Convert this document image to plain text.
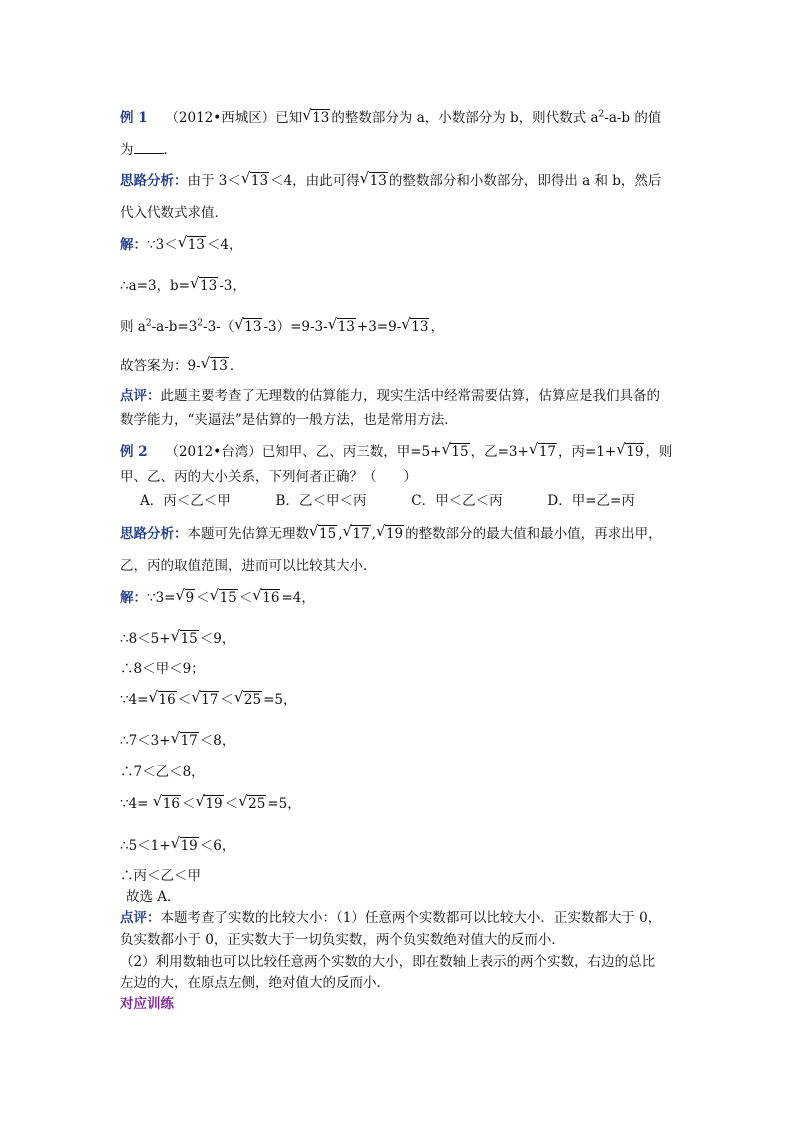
例 1　 （2012•西城区）已知√ 13 的整数部分为 a，小数部分为 b，则代数式 $a^2-a-b$ 的值
为 ．
思路分析：由于 3＜√ 13 ＜4，由此可得√ 13 的整数部分和小数部分，即得出 a 和 b，然后
代入代数式求值．
解：∵3＜√ 13 ＜4，
∴a=3，b=√ 13 -3，
则 $a^2-a-b=3^2-3-(√$ 13 -3）=9-3-√ 13 +3=9-√ 13 ，
故答案为：9-√ 13 ．
点评：此题主要考查了无理数的估算能力，现实生活中经常需要估算，估算应是我们具备的
数学能力，“夹逼法”是估算的一般方法，也是常用方法．
例 2　 （2012•台湾）已知甲、乙、丙三数，甲=5+√ 15 ，乙=3+√ 17 ，丙=1+√ 19 ，则
甲、乙、丙的大小关系，下列何者正确？（　　）
A．丙＜乙＜甲　　　	B．乙＜甲＜丙　　　	C．甲＜乙＜丙　　　	D．甲=乙=丙
思路分析：本题可先估算无理数√ 15 ,√ 17 ,√ 19 的整数部分的最大值和最小值，再求出甲，
乙，丙的取值范围，进而可以比较其大小．
解：∵3=√ 9 ＜√ 15 ＜√ 16 =4，
∴8＜5+√ 15 ＜9，
∴8＜甲＜9；
∵4=√ 16 ＜√ 17 ＜√ 25 =5，
∴7＜3+√ 17 ＜8，
∴7＜乙＜8，
∵4= √ 16 ＜√ 19 ＜√ 25 =5，
∴5＜1+√ 19 ＜6，
∴丙＜乙＜甲
故选 A．
点评：本题考查了实数的比较大小：（1）任意两个实数都可以比较大小．正实数都大于 0，
负实数都小于 0，正实数大于一切负实数，两个负实数绝对值大的反而小．
（2）利用数轴也可以比较任意两个实数的大小，即在数轴上表示的两个实数，右边的总比
左边的大，在原点左侧，绝对值大的反而小．
对应训练
